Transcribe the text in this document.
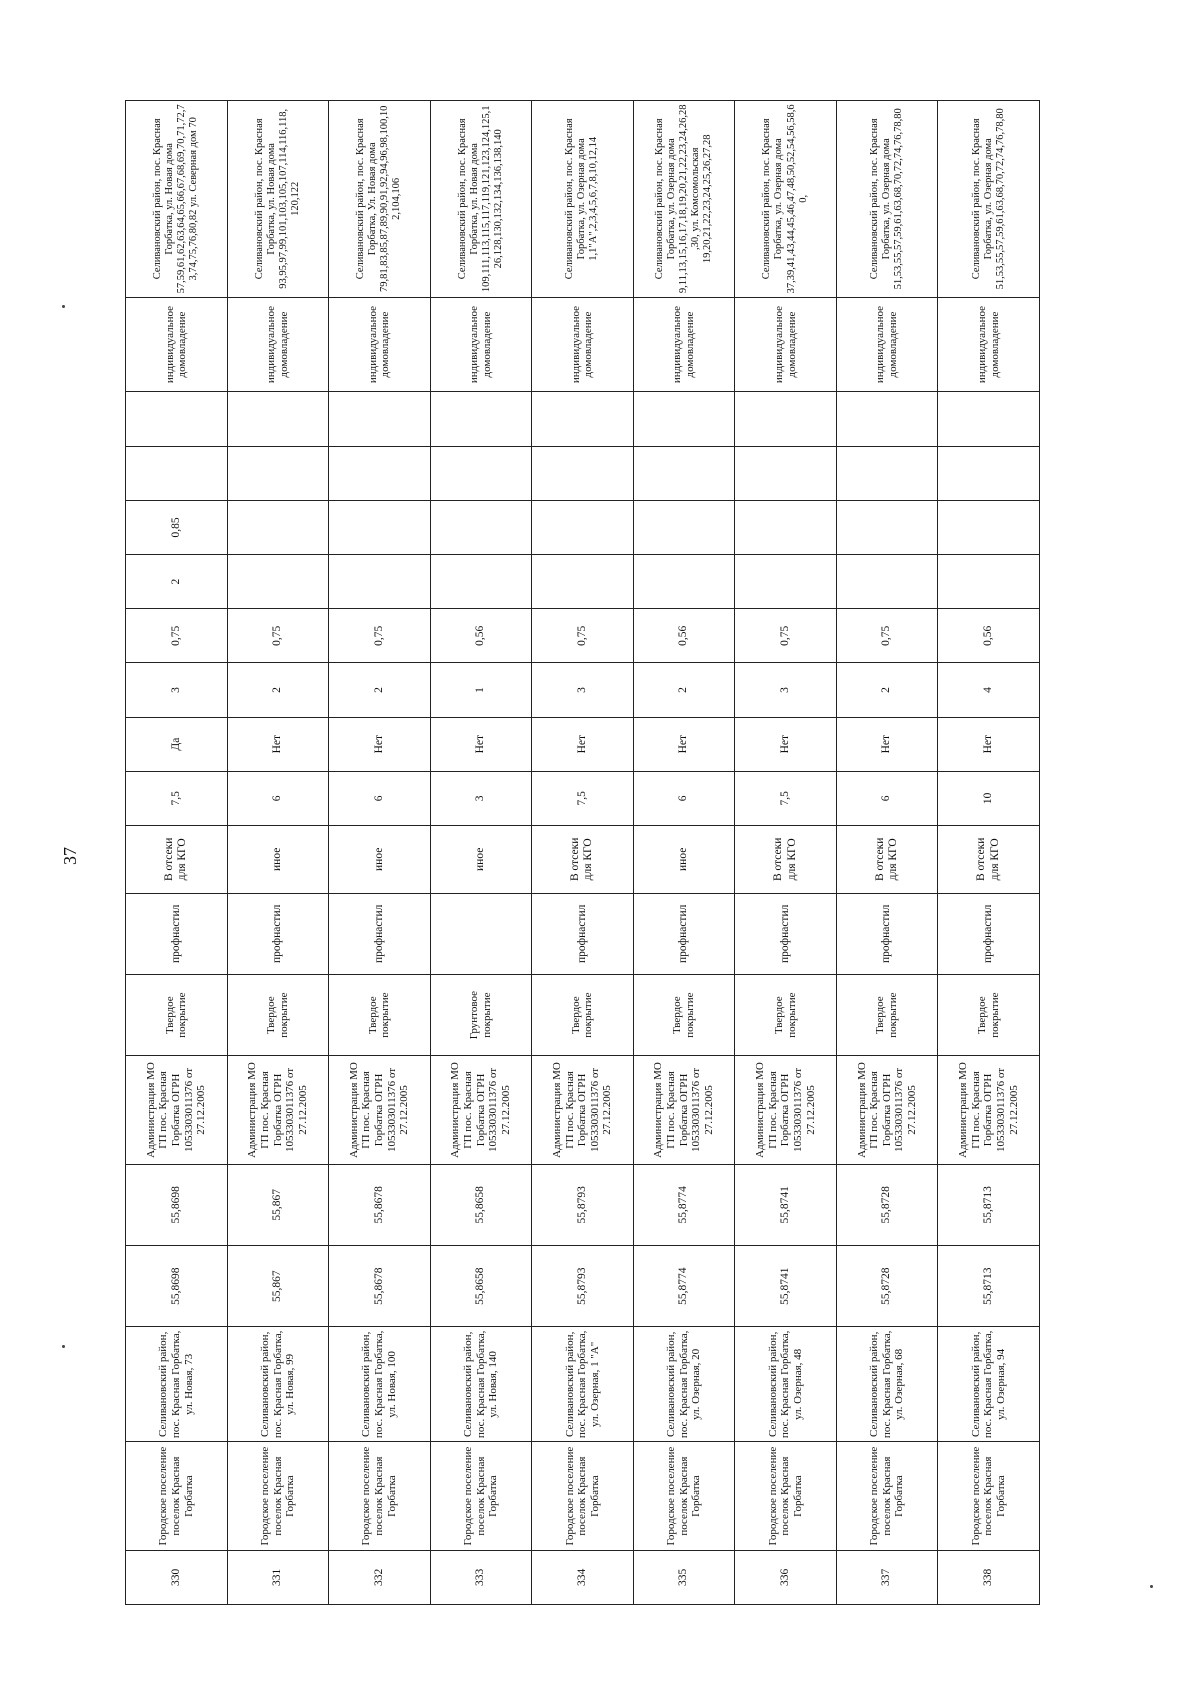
37
330	Городское поселение поселок Красная Горбатка	Селивановский район, пос. Красная Горбатка, ул. Новая, 73	55,8698	55,8698	Администрация МО ГП пос. Красная Горбатка ОГРН 1053303011376 от 27.12.2005	Твердое покрытие	профнастил	В отсеки для КГО	7,5	Да	3	0,75	2	0,85			индивидуальное домовладение	Селивановский район, пос. Красная Горбатка, ул. Новая дома 57,59,61,62,63,64,65,66,67,68,69,70,71,72,73,74,75,76,80,82 ул. Северная дом 70
331	Городское поселение поселок Красная Горбатка	Селивановский район, пос. Красная Горбатка, ул. Новая, 99	55,867	55,867	Администрация МО ГП пос. Красная Горбатка ОГРН 1053303011376 от 27.12.2005	Твердое покрытие	профнастил	иное	6	Нет	2	0,75					индивидуальное домовладение	Селивановский район, пос. Красная Горбатка, ул. Новая дома 93,95,97,99,101,103,105,107,114,116,118, 120,122
332	Городское поселение поселок Красная Горбатка	Селивановский район, пос. Красная Горбатка, ул. Новая, 100	55,8678	55,8678	Администрация МО ГП пос. Красная Горбатка ОГРН 1053303011376 от 27.12.2005	Твердое покрытие	профнастил	иное	6	Нет	2	0,75					индивидуальное домовладение	Селивановский район, пос. Красная Горбатка, Ул. Новая дома 79,81,83,85,87,89,90,91,92,94,96,98,100,102,104,106
333	Городское поселение поселок Красная Горбатка	Селивановский район, пос. Красная Горбатка, ул. Новая, 140	55,8658	55,8658	Администрация МО ГП пос. Красная Горбатка ОГРН 1053303011376 от 27.12.2005	Грунтовое покрытие		иное	3	Нет	1	0,56					индивидуальное домовладение	Селивановский район, пос. Красная Горбатка, ул. Новая дома 109,111,113,115,117,119,121,123,124,125,126,128,130,132,134,136,138,140
334	Городское поселение поселок Красная Горбатка	Селивановский район, пос. Красная Горбатка, ул. Озерная, 1 "А"	55,8793	55,8793	Администрация МО ГП пос. Красная Горбатка ОГРН 1053303011376 от 27.12.2005	Твердое покрытие	профнастил	В отсеки для КГО	7,5	Нет	3	0,75					индивидуальное домовладение	Селивановский район, пос. Красная Горбатка, ул. Озерная дома 1,1"А",2,3,4,5,6,7,8,10,12,14
335	Городское поселение поселок Красная Горбатка	Селивановский район, пос. Красная Горбатка, ул. Озерная, 20	55,8774	55,8774	Администрация МО ГП пос. Красная Горбатка ОГРН 1053303011376 от 27.12.2005	Твердое покрытие	профнастил	иное	6	Нет	2	0,56					индивидуальное домовладение	Селивановский район, пос. Красная Горбатка, ул. Озерная дома 9,11,13,15,16,17,18,19,20,21,22,23,24,26,28,30, ул. Комсомольская 19,20,21,22,23,24,25,26,27,28
336	Городское поселение поселок Красная Горбатка	Селивановский район, пос. Красная Горбатка, ул. Озерная, 48	55,8741	55,8741	Администрация МО ГП пос. Красная Горбатка ОГРН 1053303011376 от 27.12.2005	Твердое покрытие	профнастил	В отсеки для КГО	7,5	Нет	3	0,75					индивидуальное домовладение	Селивановский район, пос. Красная Горбатка, ул. Озерная дома 37,39,41,43,44,45,46,47,48,50,52,54,56,58,60,
337	Городское поселение поселок Красная Горбатка	Селивановский район, пос. Красная Горбатка, ул. Озерная, 68	55,8728	55,8728	Администрация МО ГП пос. Красная Горбатка ОГРН 1053303011376 от 27.12.2005	Твердое покрытие	профнастил	В отсеки для КГО	6	Нет	2	0,75					индивидуальное домовладение	Селивановский район, пос. Красная Горбатка, ул. Озерная дома 51,53,55,57,59,61,63,68,70,72,74,76,78,80
338	Городское поселение поселок Красная Горбатка	Селивановский район, пос. Красная Горбатка, ул. Озерная, 94	55,8713	55,8713	Администрация МО ГП пос. Красная Горбатка ОГРН 1053303011376 от 27.12.2005	Твердое покрытие	профнастил	В отсеки для КГО	10	Нет	4	0,56					индивидуальное домовладение	Селивановский район, пос. Красная Горбатка, ул. Озерная дома 51,53,55,57,59,61,63,68,70,72,74,76,78,80
